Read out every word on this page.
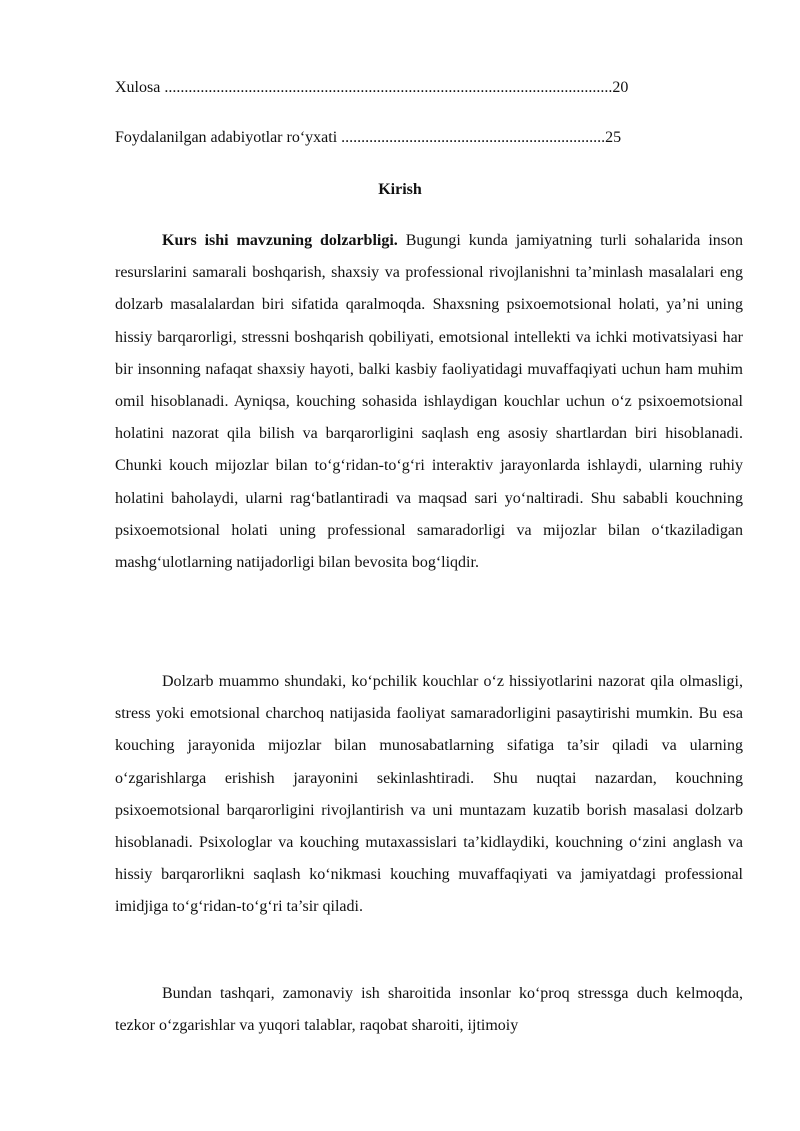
Xulosa ................................................................................................................20
Foydalanilgan adabiyotlar ro‘yxati ..................................................................25
Kirish

Kurs ishi mavzuning dolzarbligi. Bugungi kunda jamiyatning turli sohalarida inson resurslarini samarali boshqarish, shaxsiy va professional rivojlanishni ta’minlash masalalari eng dolzarb masalalardan biri sifatida qaralmoqda. Shaxsning psixoemotsional holati, ya’ni uning hissiy barqarorligi, stressni boshqarish qobiliyati, emotsional intellekti va ichki motivatsiyasi har bir insonning nafaqat shaxsiy hayoti, balki kasbiy faoliyatidagi muvaffaqiyati uchun ham muhim omil hisoblanadi. Ayniqsa, kouching sohasida ishlaydigan kouchlar uchun o‘z psixoemotsional holatini nazorat qila bilish va barqarorligini saqlash eng asosiy shartlardan biri hisoblanadi. Chunki kouch mijozlar bilan to‘g‘ridan-to‘g‘ri interaktiv jarayonlarda ishlaydi, ularning ruhiy holatini baholaydi, ularni rag‘batlantiradi va maqsad sari yo‘naltiradi. Shu sababli kouchning psixoemotsional holati uning professional samaradorligi va mijozlar bilan o‘tkaziladigan mashg‘ulotlarning natijadorligi bilan bevosita bog‘liqdir.

Dolzarb muammo shundaki, ko‘pchilik kouchlar o‘z hissiyotlarini nazorat qila olmasligi, stress yoki emotsional charchoq natijasida faoliyat samaradorligini pasaytirishi mumkin. Bu esa kouching jarayonida mijozlar bilan munosabatlarning sifatiga ta’sir qiladi va ularning o‘zgarishlarga erishish jarayonini sekinlashtiradi. Shu nuqtai nazardan, kouchning psixoemotsional barqarorligini rivojlantirish va uni muntazam kuzatib borish masalasi dolzarb hisoblanadi. Psixologlar va kouching mutaxassislari ta’kidlaydiki, kouchning o‘zini anglash va hissiy barqarorlikni saqlash ko‘nikmasi kouching muvaffaqiyati va jamiyatdagi professional imidjiga to‘g‘ridan-to‘g‘ri ta’sir qiladi.

Bundan tashqari, zamonaviy ish sharoitida insonlar ko‘proq stressga duch kelmoqda, tezkor o‘zgarishlar va yuqori talablar, raqobat sharoiti, ijtimoiy
